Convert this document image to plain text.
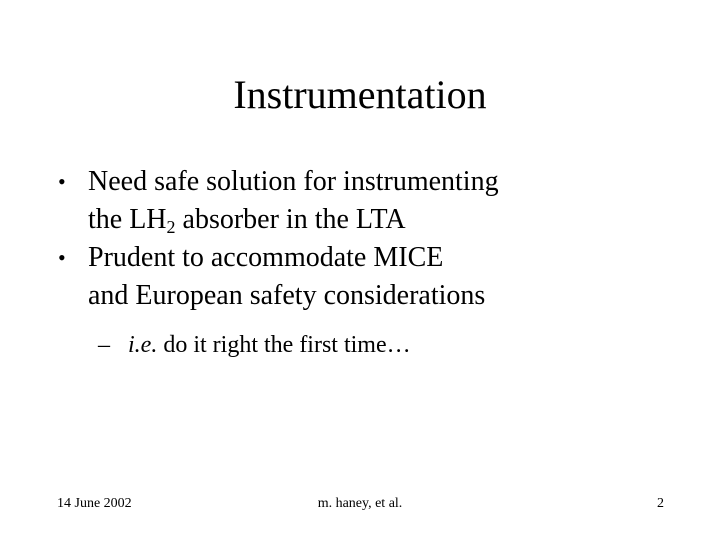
Instrumentation
• Need safe solution for instrumenting
the $LH_2$ absorber in the LTA
• Prudent to accommodate MICE
and European safety considerations
– i.e. do it right the first time…
14 June 2002	m. haney, et al.	2
